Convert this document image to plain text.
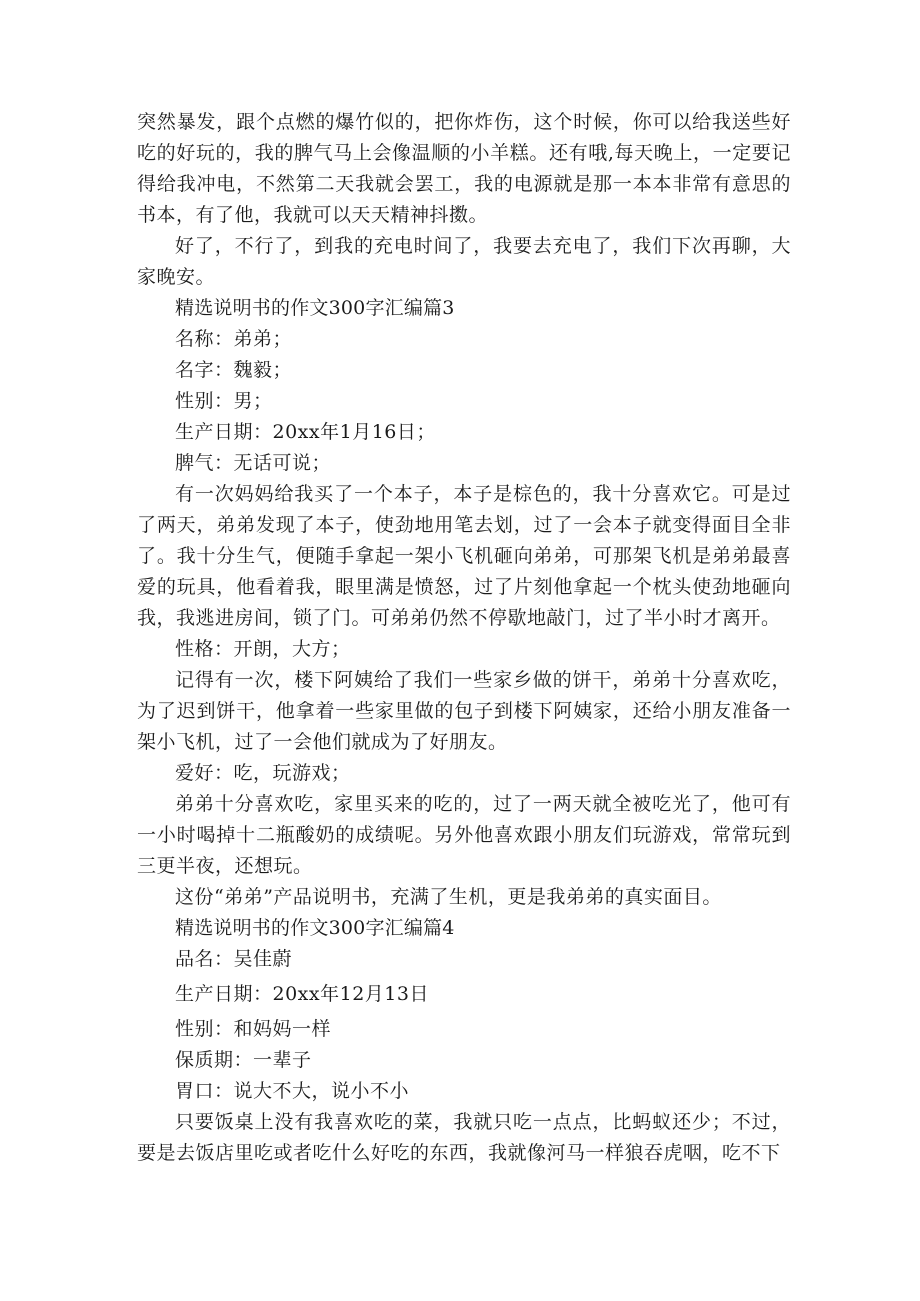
突然暴发，跟个点燃的爆竹似的，把你炸伤，这个时候，你可以给我送些好吃的好玩的，我的脾气马上会像温顺的小羊糕。还有哦,每天晚上，一定要记得给我冲电，不然第二天我就会罢工，我的电源就是那一本本非常有意思的书本，有了他，我就可以天天精神抖擞。

好了，不行了，到我的充电时间了，我要去充电了，我们下次再聊，大家晚安。

精选说明书的作文300字汇编篇3

名称：弟弟；

名字：魏毅；

性别：男；

生产日期：20xx年1月16日；

脾气：无话可说；

有一次妈妈给我买了一个本子，本子是棕色的，我十分喜欢它。可是过了两天，弟弟发现了本子，使劲地用笔去划，过了一会本子就变得面目全非了。我十分生气，便随手拿起一架小飞机砸向弟弟，可那架飞机是弟弟最喜爱的玩具，他看着我，眼里满是愤怒，过了片刻他拿起一个枕头使劲地砸向我，我逃进房间，锁了门。可弟弟仍然不停歇地敲门，过了半小时才离开。

性格：开朗，大方；

记得有一次，楼下阿姨给了我们一些家乡做的饼干，弟弟十分喜欢吃，为了迟到饼干，他拿着一些家里做的包子到楼下阿姨家，还给小朋友准备一架小飞机，过了一会他们就成为了好朋友。

爱好：吃，玩游戏；

弟弟十分喜欢吃，家里买来的吃的，过了一两天就全被吃光了，他可有一小时喝掉十二瓶酸奶的成绩呢。另外他喜欢跟小朋友们玩游戏，常常玩到三更半夜，还想玩。

这份“弟弟”产品说明书，充满了生机，更是我弟弟的真实面目。

精选说明书的作文300字汇编篇4

品名：吴佳蔚

生产日期：20xx年12月13日

性别：和妈妈一样

保质期：一辈子

胃口：说大不大，说小不小

只要饭桌上没有我喜欢吃的菜，我就只吃一点点，比蚂蚁还少；不过，要是去饭店里吃或者吃什么好吃的东西，我就像河马一样狼吞虎咽，吃不下
